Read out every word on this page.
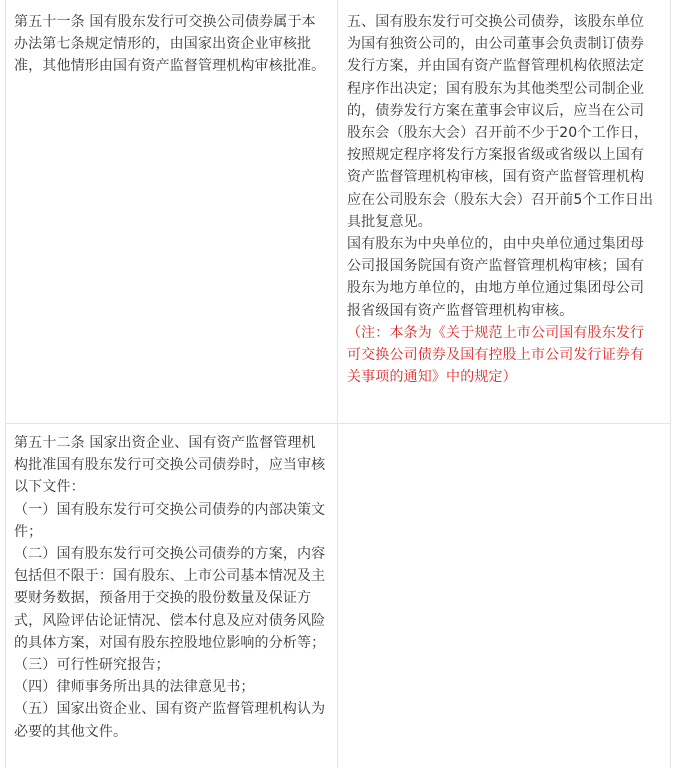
第五十一条 国有股东发行可交换公司债券属于本办法第七条规定情形的，由国家出资企业审核批准，其他情形由国有资产监督管理机构审核批准。

五、国有股东发行可交换公司债券，该股东单位为国有独资公司的，由公司董事会负责制订债券发行方案，并由国有资产监督管理机构依照法定程序作出决定；国有股东为其他类型公司制企业的，债券发行方案在董事会审议后，应当在公司股东会（股东大会）召开前不少于20个工作日，按照规定程序将发行方案报省级或省级以上国有资产监督管理机构审核，国有资产监督管理机构应在公司股东会（股东大会）召开前5个工作日出具批复意见。

国有股东为中央单位的，由中央单位通过集团母公司报国务院国有资产监督管理机构审核；国有股东为地方单位的，由地方单位通过集团母公司报省级国有资产监督管理机构审核。

（注：本条为《关于规范上市公司国有股东发行可交换公司债券及国有控股上市公司发行证券有关事项的通知》中的规定）

第五十二条 国家出资企业、国有资产监督管理机构批准国有股东发行可交换公司债券时，应当审核以下文件：

（一）国有股东发行可交换公司债券的内部决策文件；

（二）国有股东发行可交换公司债券的方案，内容包括但不限于：国有股东、上市公司基本情况及主要财务数据，预备用于交换的股份数量及保证方式，风险评估论证情况、偿本付息及应对债务风险的具体方案，对国有股东控股地位影响的分析等；

（三）可行性研究报告；

（四）律师事务所出具的法律意见书；

（五）国家出资企业、国有资产监督管理机构认为必要的其他文件。
